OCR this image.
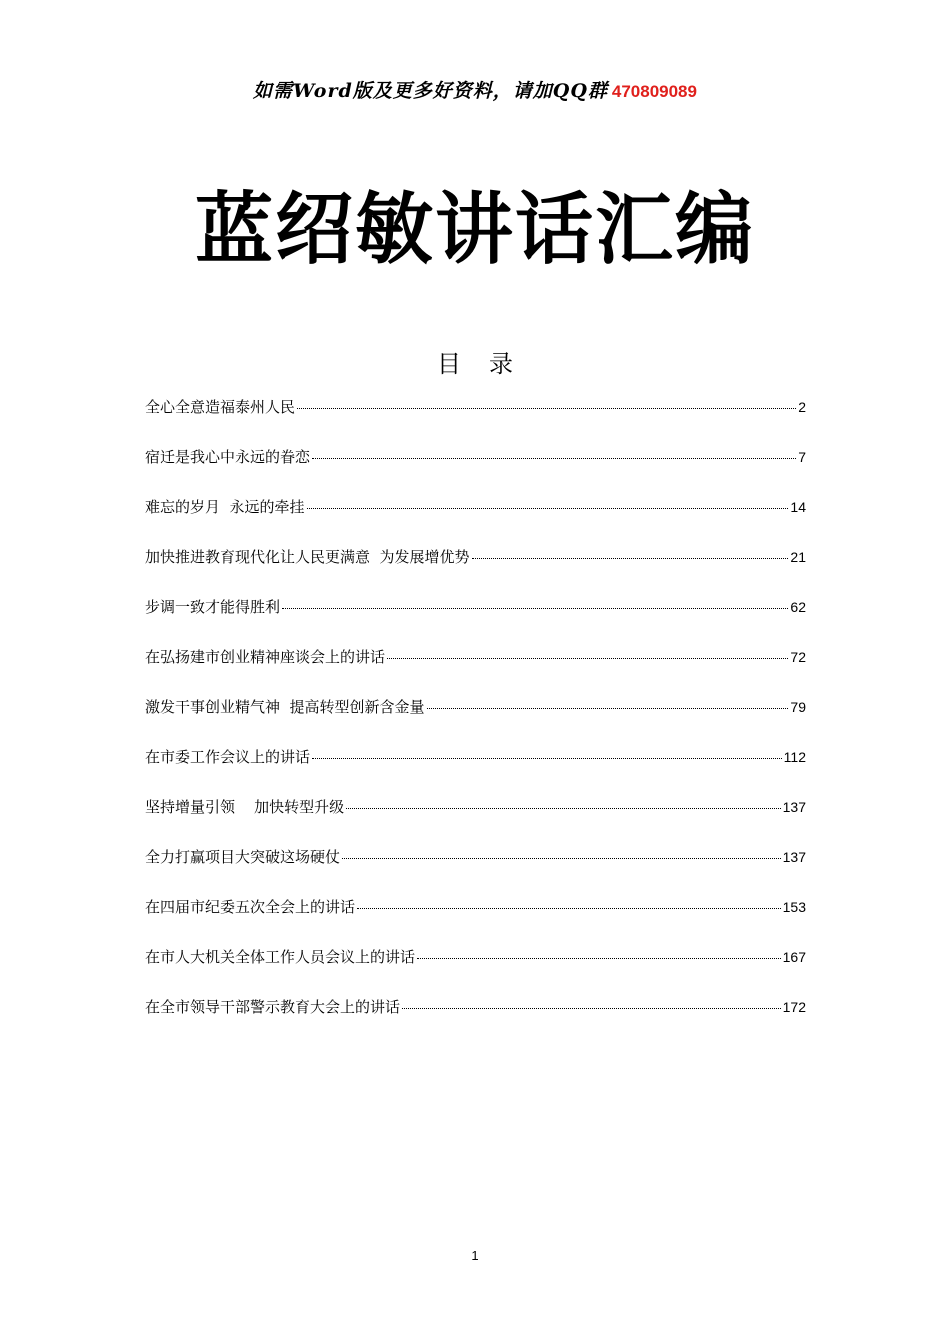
如需Word版及更多好资料，请加QQ群 470809089
蓝绍敏讲话汇编
目录
全心全意造福泰州人民	2
宿迁是我心中永远的眷恋	7
难忘的岁月  永远的牵挂	14
加快推进教育现代化让人民更满意  为发展增优势	21
步调一致才能得胜利	62
在弘扬建市创业精神座谈会上的讲话	72
激发干事创业精气神  提高转型创新含金量	79
在市委工作会议上的讲话	112
坚持增量引领    加快转型升级	137
全力打赢项目大突破这场硬仗	137
在四届市纪委五次全会上的讲话	153
在市人大机关全体工作人员会议上的讲话	167
在全市领导干部警示教育大会上的讲话	172
1
